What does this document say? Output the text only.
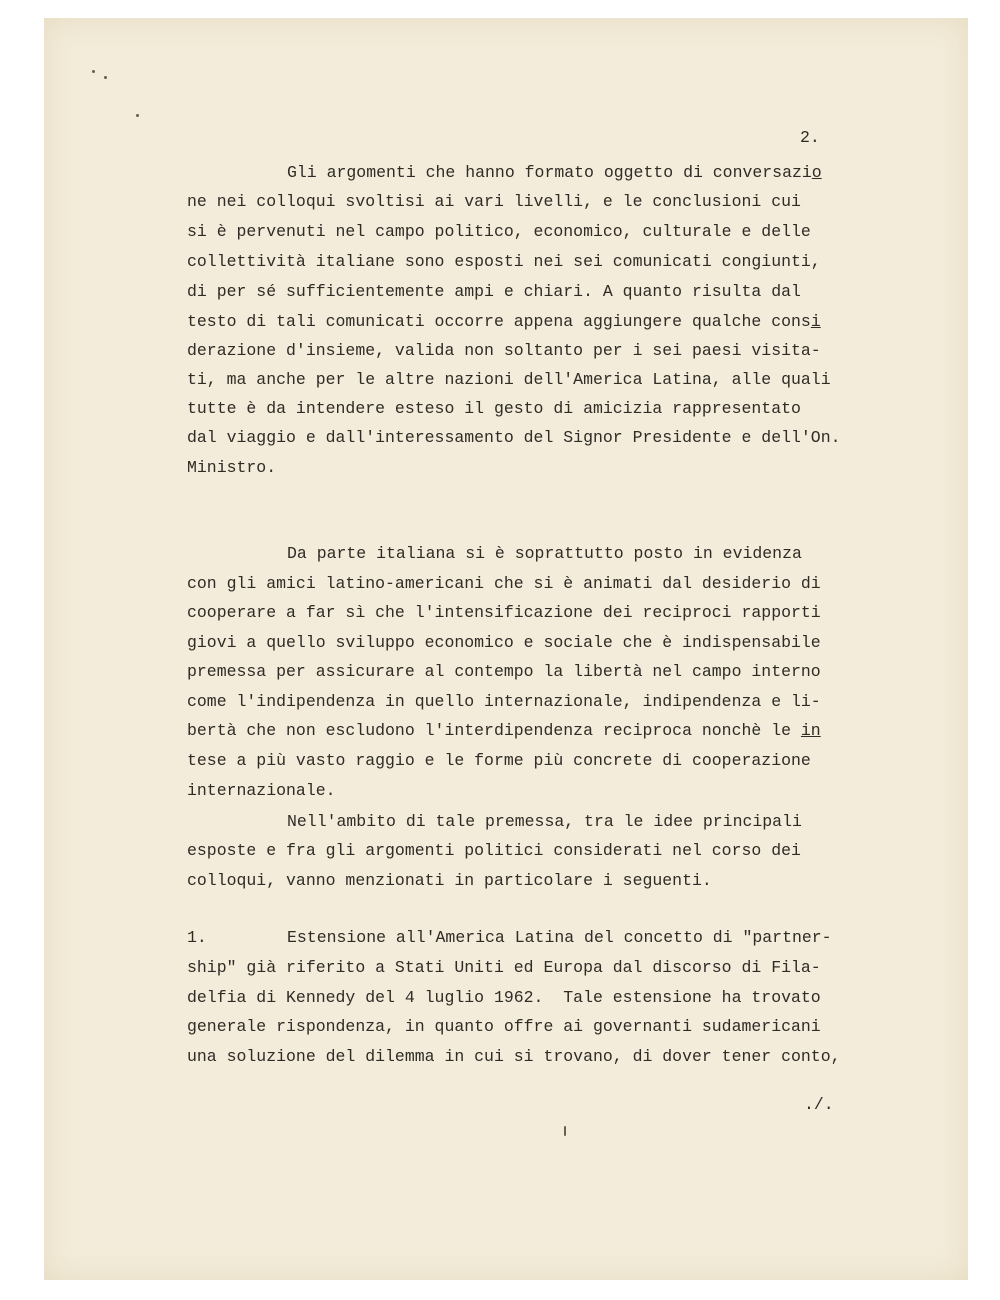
2.
Gli argomenti che hanno formato oggetto di conversazio
ne nei colloqui svoltisi ai vari livelli, e le conclusioni cui
si è pervenuti nel campo politico, economico, culturale e delle
collettività italiane sono esposti nei sei comunicati congiunti,
di per sé sufficientemente ampi e chiari. A quanto risulta dal
testo di tali comunicati occorre appena aggiungere qualche consi
derazione d'insieme, valida non soltanto per i sei paesi visita-
ti, ma anche per le altre nazioni dell'America Latina, alle quali
tutte è da intendere esteso il gesto di amicizia rappresentato
dal viaggio e dall'interessamento del Signor Presidente e dell'On.
Ministro.
Da parte italiana si è soprattutto posto in evidenza
con gli amici latino-americani che si è animati dal desiderio di
cooperare a far sì che l'intensificazione dei reciproci rapporti
giovi a quello sviluppo economico e sociale che è indispensabile
premessa per assicurare al contempo la libertà nel campo interno
come l'indipendenza in quello internazionale, indipendenza e li-
bertà che non escludono l'interdipendenza reciproca nonchè le in
tese a più vasto raggio e le forme più concrete di cooperazione
internazionale.
Nell'ambito di tale premessa, tra le idee principali
esposte e fra gli argomenti politici considerati nel corso dei
colloqui, vanno menzionati in particolare i seguenti.
1.	Estensione all'America Latina del concetto di "partner-
ship" già riferito a Stati Uniti ed Europa dal discorso di Fila-
delfia di Kennedy del 4 luglio 1962.  Tale estensione ha trovato
generale rispondenza, in quanto offre ai governanti sudamericani
una soluzione del dilemma in cui si trovano, di dover tener conto,
./.
